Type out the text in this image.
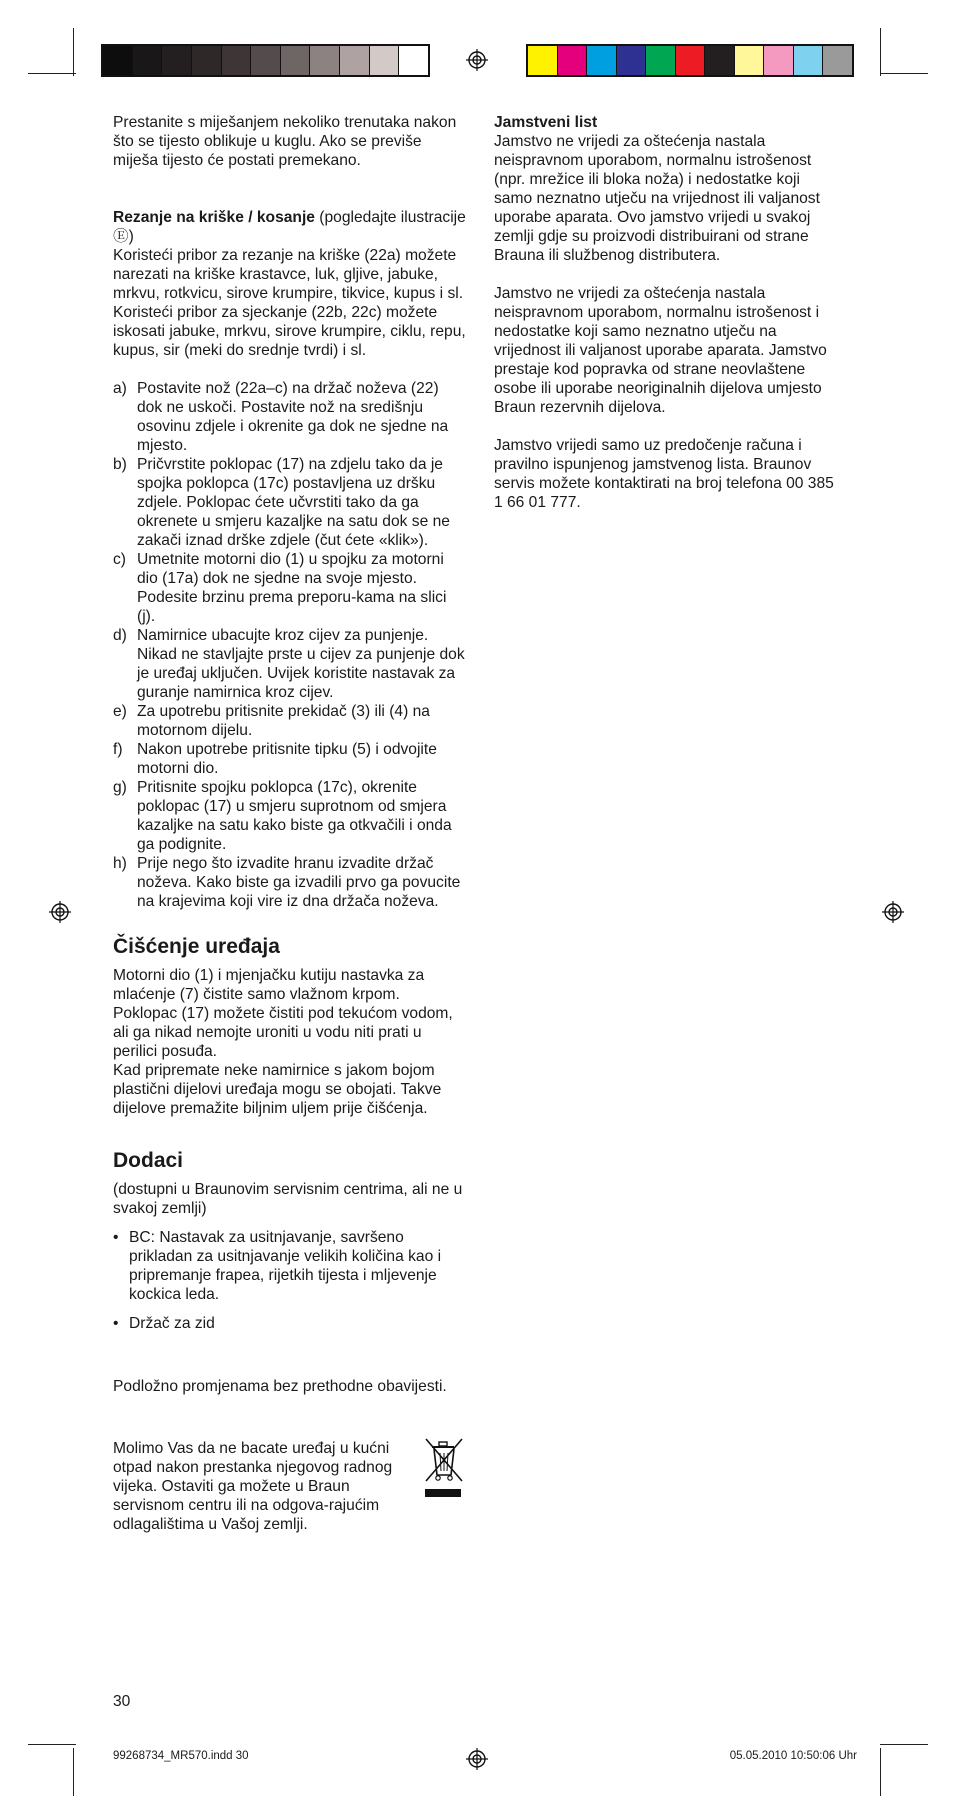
Prestanite s miješanjem nekoliko trenutaka nakon što se tijesto oblikuje u kuglu. Ako se previše miješa tijesto će postati premekano.

Rezanje na kriške / kosanje (pogledajte ilustracije Ⓔ)

Koristeći pribor za rezanje na kriške (22a) možete narezati na kriške krastavce, luk, gljive, jabuke, mrkvu, rotkvicu, sirove krumpire, tikvice, kupus i sl. Koristeći pribor za sjeckanje (22b, 22c) možete iskosati jabuke, mrkvu, sirove krumpire, ciklu, repu, kupus, sir (meki do srednje tvrdi) i sl.

a) Postavite nož (22a–c) na držač noževa (22) dok ne uskoči. Postavite nož na središnju osovinu zdjele i okrenite ga dok ne sjedne na mjesto.
b) Pričvrstite poklopac (17) na zdjelu tako da je spojka poklopca (17c) postavljena uz dršku zdjele. Poklopac ćete učvrstiti tako da ga okrenete u smjeru kazaljke na satu dok se ne zakači iznad drške zdjele (čut ćete «klik»).
c) Umetnite motorni dio (1) u spojku za motorni dio (17a) dok ne sjedne na svoje mjesto. Podesite brzinu prema preporu-kama na slici (j).
d) Namirnice ubacujte kroz cijev za punjenje. Nikad ne stavljajte prste u cijev za punjenje dok je uređaj uključen. Uvijek koristite nastavak za guranje namirnica kroz cijev.
e) Za upotrebu pritisnite prekidač (3) ili (4) na motornom dijelu.
f) Nakon upotrebe pritisnite tipku (5) i odvojite motorni dio.
g) Pritisnite spojku poklopca (17c), okrenite poklopac (17) u smjeru suprotnom od smjera kazaljke na satu kako biste ga otkvačili i onda ga podignite.
h) Prije nego što izvadite hranu izvadite držač noževa. Kako biste ga izvadili prvo ga povucite na krajevima koji vire iz dna držača noževa.
Čišćenje uređaja

Motorni dio (1) i mjenjačku kutiju nastavka za mlaćenje (7) čistite samo vlažnom krpom. Poklopac (17) možete čistiti pod tekućom vodom, ali ga nikad nemojte uroniti u vodu niti prati u perilici posuđa.

Kad pripremate neke namirnice s jakom bojom plastični dijelovi uređaja mogu se obojati. Takve dijelove premažite biljnim uljem prije čišćenja.

Dodaci

(dostupni u Braunovim servisnim centrima, ali ne u svakoj zemlji)

• BC: Nastavak za usitnjavanje, savršeno prikladan za usitnjavanje velikih količina kao i pripremanje frapea, rijetkih tijesta i mljevenje kockica leda.
• Držač za zid

Podložno promjenama bez prethodne obavijesti.

Molimo Vas da ne bacate uređaj u kućni otpad nakon prestanka njegovog radnog vijeka. Ostaviti ga možete u Braun servisnom centru ili na odgova-rajućim odlagalištima u Vašoj zemlji.

Jamstveni list

Jamstvo ne vrijedi za oštećenja nastala neispravnom uporabom, normalnu istrošenost (npr. mrežice ili bloka noža) i nedostatke koji samo neznatno utječu na vrijednost ili valjanost uporabe aparata. Ovo jamstvo vrijedi u svakoj zemlji gdje su proizvodi distribuirani od strane Brauna ili službenog distributera.

Jamstvo ne vrijedi za oštećenja nastala neispravnom uporabom, normalnu istrošenost i nedostatke koji samo neznatno utječu na vrijednost ili valjanost uporabe aparata. Jamstvo prestaje kod popravka od strane neovlaštene osobe ili uporabe neoriginalnih dijelova umjesto Braun rezervnih dijelova.

Jamstvo vrijedi samo uz predočenje računa i pravilno ispunjenog jamstvenog lista. Braunov servis možete kontaktirati na broj telefona 00 385 1 66 01 777.

30
99268734_MR570.indd 30	05.05.2010 10:50:06 Uhr
